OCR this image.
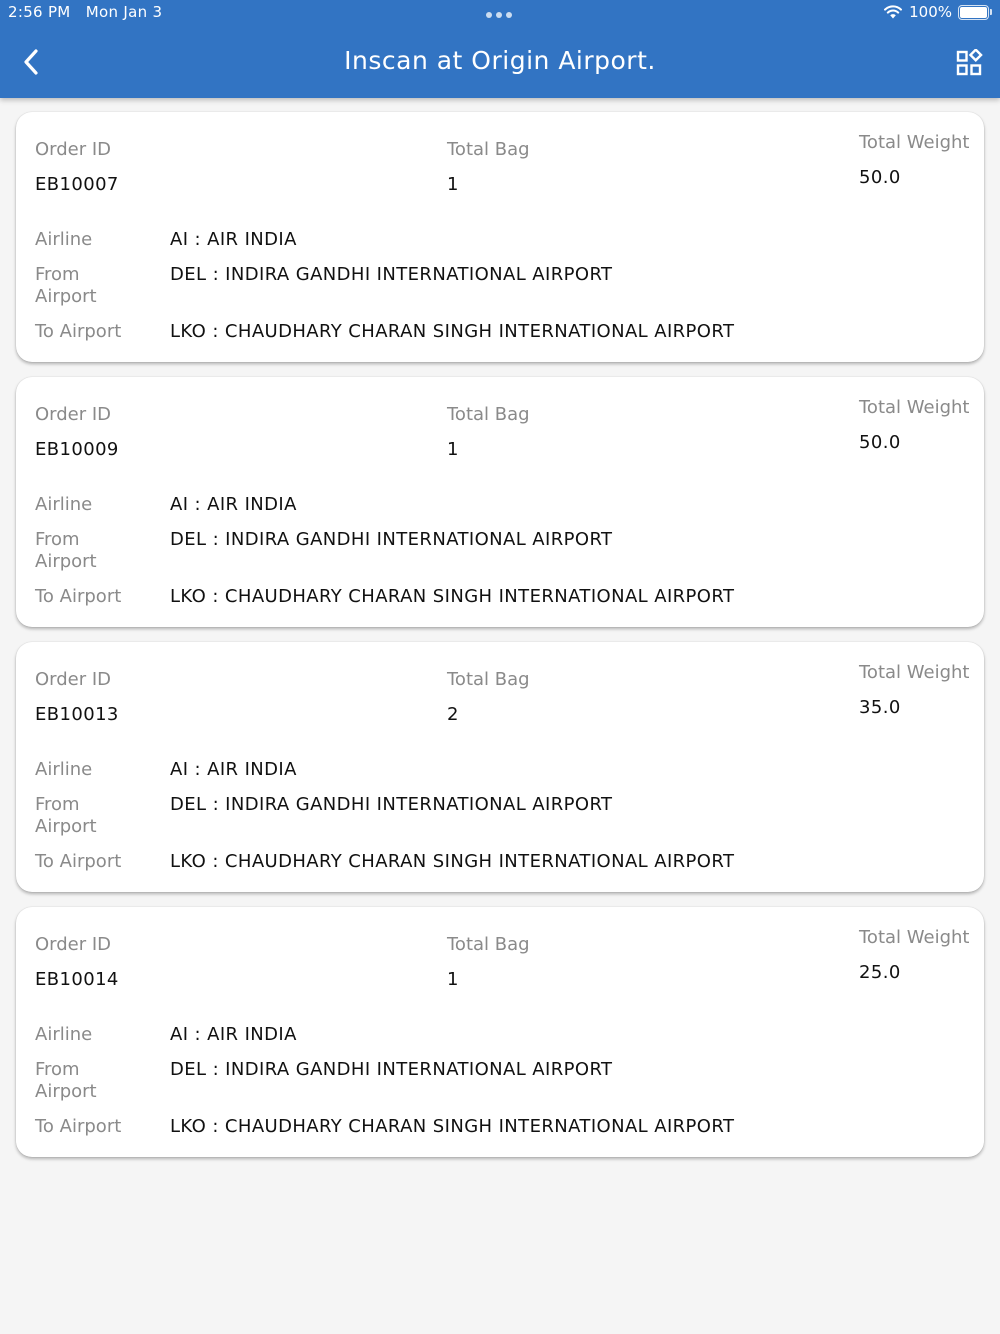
2:56 PM Mon Jan 3	100%
Inscan at Origin Airport.
Order ID
EB10007
Total Bag
1
Total Weight
50.0
Airline	AI : AIR INDIA
From Airport
DEL : INDIRA GANDHI INTERNATIONAL AIRPORT
To Airport	LKO : CHAUDHARY CHARAN SINGH INTERNATIONAL AIRPORT
Order ID
EB10009
Total Bag
1
Total Weight
50.0
Airline	AI : AIR INDIA
From Airport
DEL : INDIRA GANDHI INTERNATIONAL AIRPORT
To Airport	LKO : CHAUDHARY CHARAN SINGH INTERNATIONAL AIRPORT
Order ID
EB10013
Total Bag
2
Total Weight
35.0
Airline	AI : AIR INDIA
From Airport
DEL : INDIRA GANDHI INTERNATIONAL AIRPORT
To Airport	LKO : CHAUDHARY CHARAN SINGH INTERNATIONAL AIRPORT
Order ID
EB10014
Total Bag
1
Total Weight
25.0
Airline	AI : AIR INDIA
From Airport
DEL : INDIRA GANDHI INTERNATIONAL AIRPORT
To Airport	LKO : CHAUDHARY CHARAN SINGH INTERNATIONAL AIRPORT
